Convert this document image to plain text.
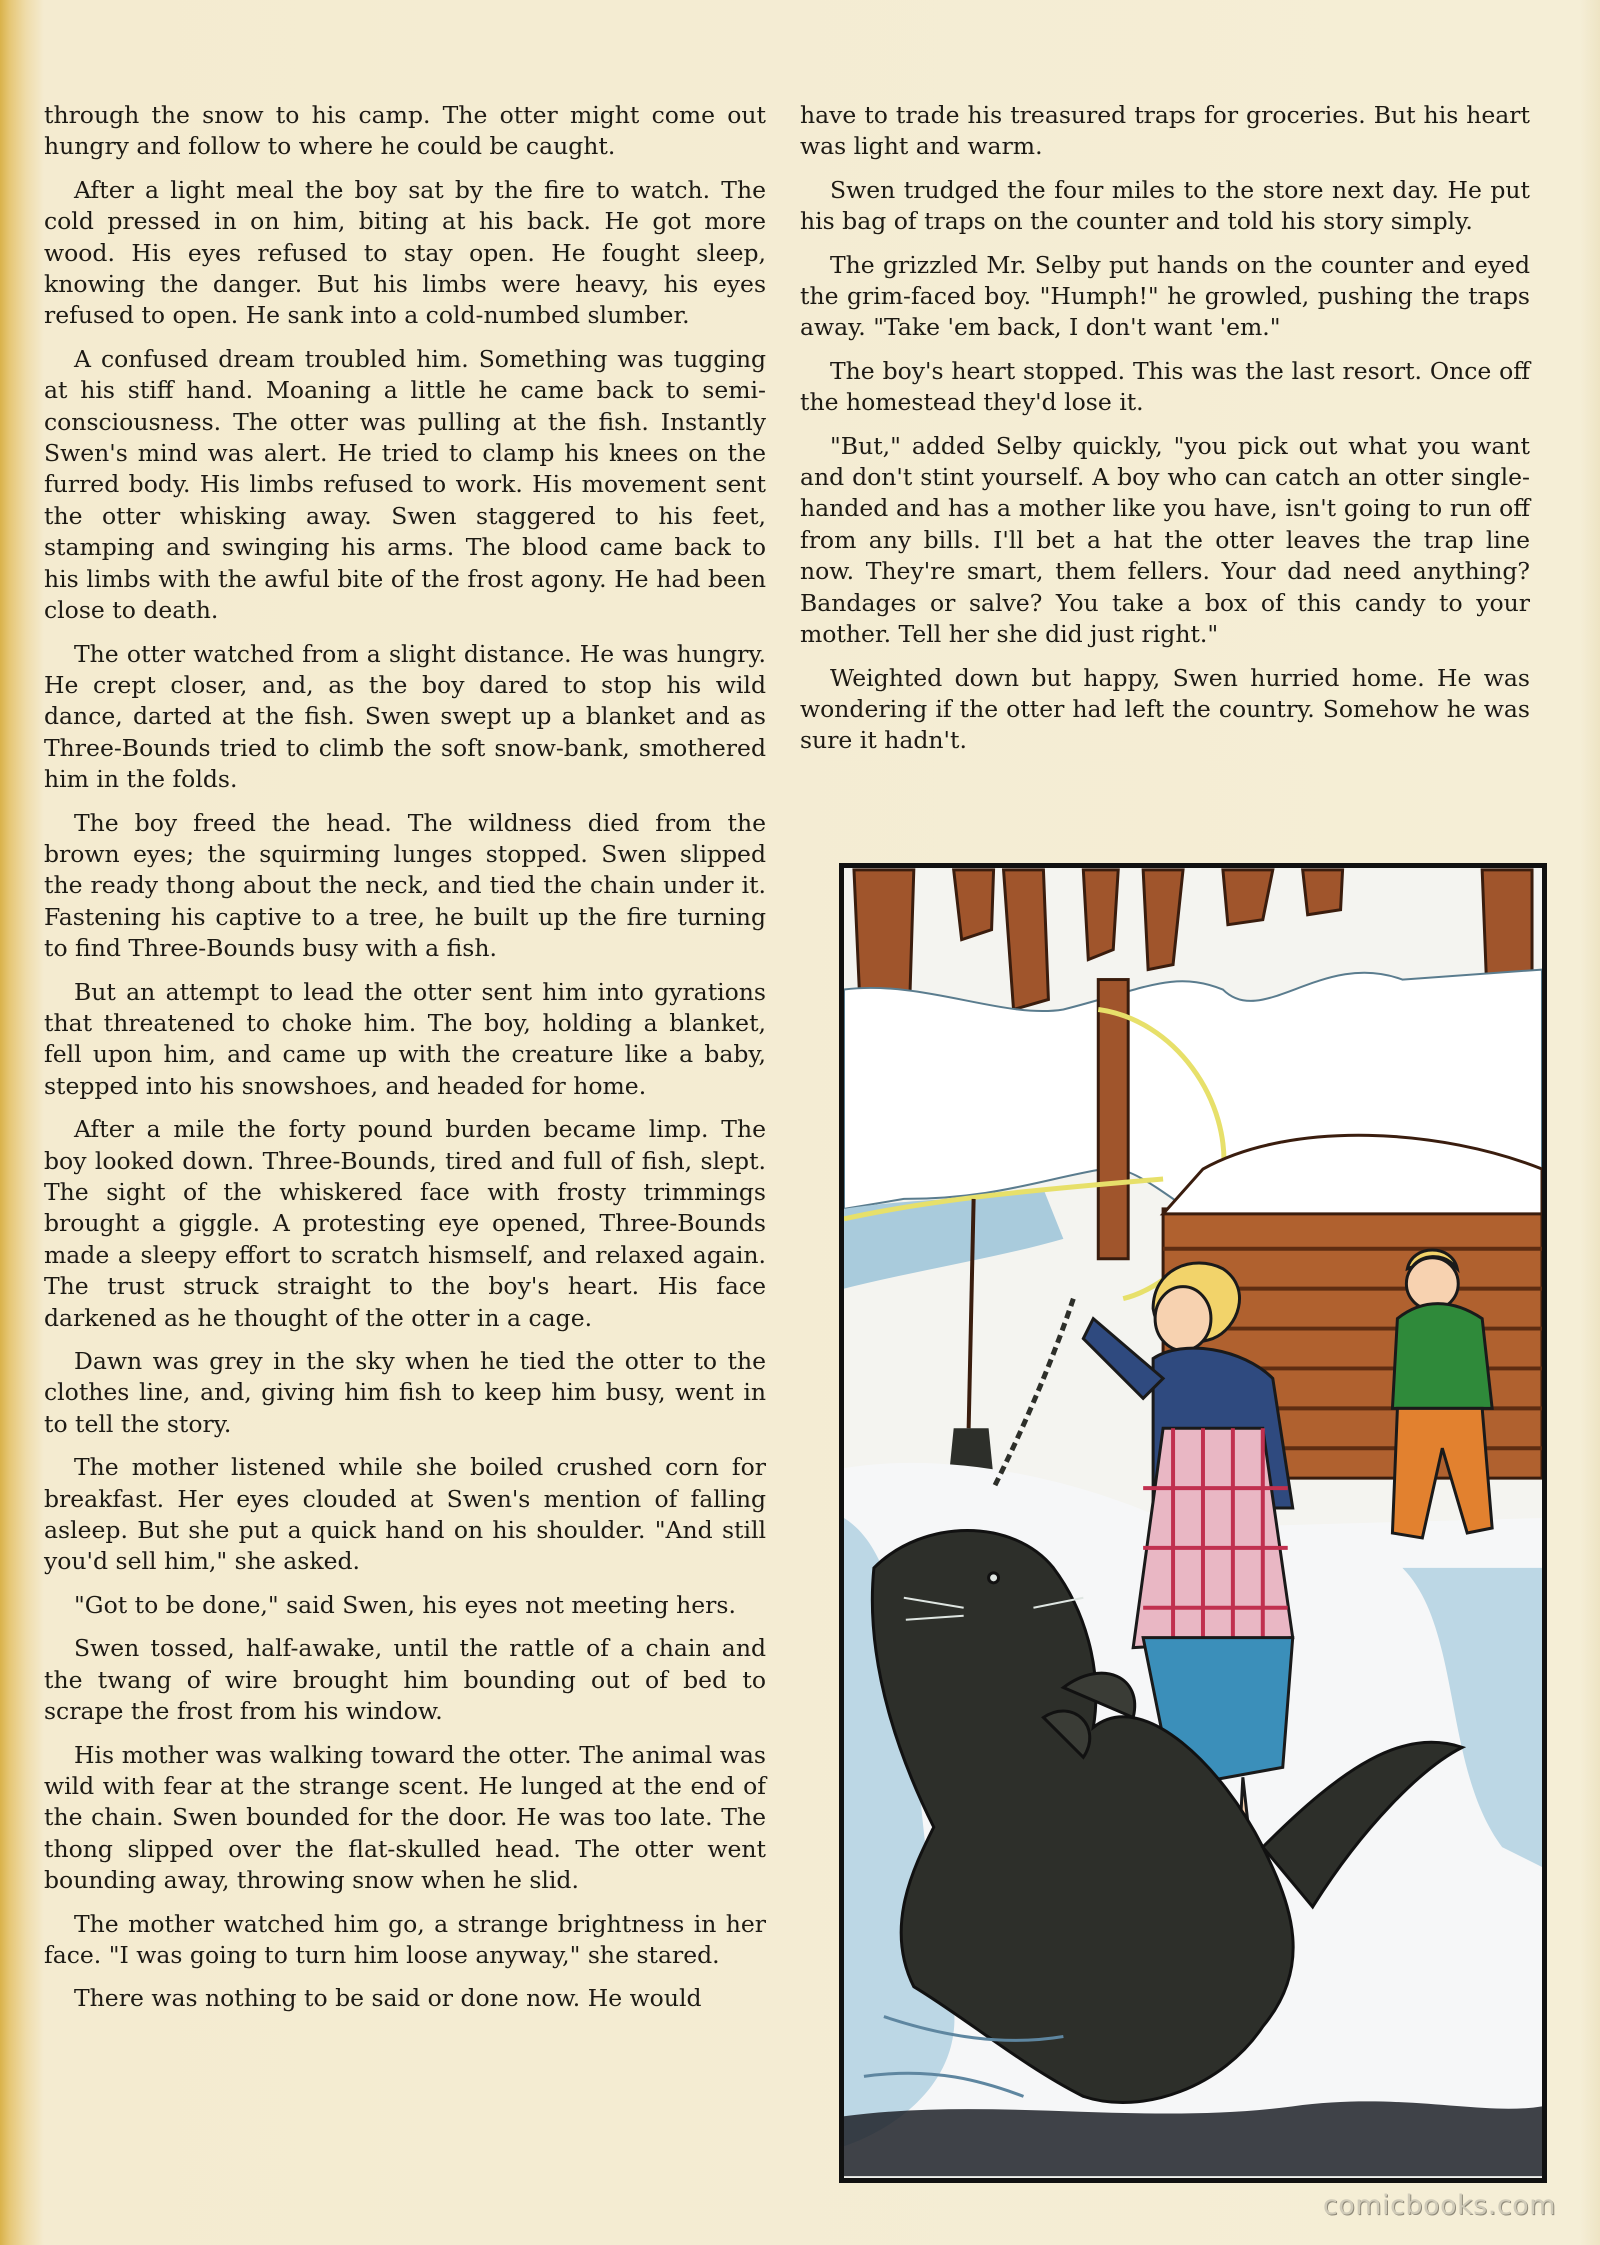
through the snow to his camp. The otter might come out hungry and follow to where he could be caught.

After a light meal the boy sat by the fire to watch. The cold pressed in on him, biting at his back. He got more wood. His eyes refused to stay open. He fought sleep, knowing the danger. But his limbs were heavy, his eyes refused to open. He sank into a cold-numbed slumber.

A confused dream troubled him. Something was tugging at his stiff hand. Moaning a little he came back to semi-consciousness. The otter was pulling at the fish. Instantly Swen's mind was alert. He tried to clamp his knees on the furred body. His limbs refused to work. His movement sent the otter whisking away. Swen staggered to his feet, stamping and swinging his arms. The blood came back to his limbs with the awful bite of the frost agony. He had been close to death.

The otter watched from a slight distance. He was hungry. He crept closer, and, as the boy dared to stop his wild dance, darted at the fish. Swen swept up a blanket and as Three-Bounds tried to climb the soft snow-bank, smothered him in the folds.

The boy freed the head. The wildness died from the brown eyes; the squirming lunges stopped. Swen slipped the ready thong about the neck, and tied the chain under it. Fastening his captive to a tree, he built up the fire turning to find Three-Bounds busy with a fish.

But an attempt to lead the otter sent him into gyrations that threatened to choke him. The boy, holding a blanket, fell upon him, and came up with the creature like a baby, stepped into his snowshoes, and headed for home.

After a mile the forty pound burden became limp. The boy looked down. Three-Bounds, tired and full of fish, slept. The sight of the whiskered face with frosty trimmings brought a giggle. A protesting eye opened, Three-Bounds made a sleepy effort to scratch hismself, and relaxed again. The trust struck straight to the boy's heart. His face darkened as he thought of the otter in a cage.

Dawn was grey in the sky when he tied the otter to the clothes line, and, giving him fish to keep him busy, went in to tell the story.

The mother listened while she boiled crushed corn for breakfast. Her eyes clouded at Swen's mention of falling asleep. But she put a quick hand on his shoulder. "And still you'd sell him," she asked.

"Got to be done," said Swen, his eyes not meeting hers.

Swen tossed, half-awake, until the rattle of a chain and the twang of wire brought him bounding out of bed to scrape the frost from his window.

His mother was walking toward the otter. The animal was wild with fear at the strange scent. He lunged at the end of the chain. Swen bounded for the door. He was too late. The thong slipped over the flat-skulled head. The otter went bounding away, throwing snow when he slid.

The mother watched him go, a strange brightness in her face. "I was going to turn him loose anyway," she stared.

There was nothing to be said or done now. He would

have to trade his treasured traps for groceries. But his heart was light and warm.

Swen trudged the four miles to the store next day. He put his bag of traps on the counter and told his story simply.

The grizzled Mr. Selby put hands on the counter and eyed the grim-faced boy. "Humph!" he growled, pushing the traps away. "Take 'em back, I don't want 'em."

The boy's heart stopped. This was the last resort. Once off the homestead they'd lose it.

"But," added Selby quickly, "you pick out what you want and don't stint yourself. A boy who can catch an otter single-handed and has a mother like you have, isn't going to run off from any bills. I'll bet a hat the otter leaves the trap line now. They're smart, them fellers. Your dad need anything? Bandages or salve? You take a box of this candy to your mother. Tell her she did just right."

Weighted down but happy, Swen hurried home. He was wondering if the otter had left the country. Somehow he was sure it hadn't.

comicbooks.com
